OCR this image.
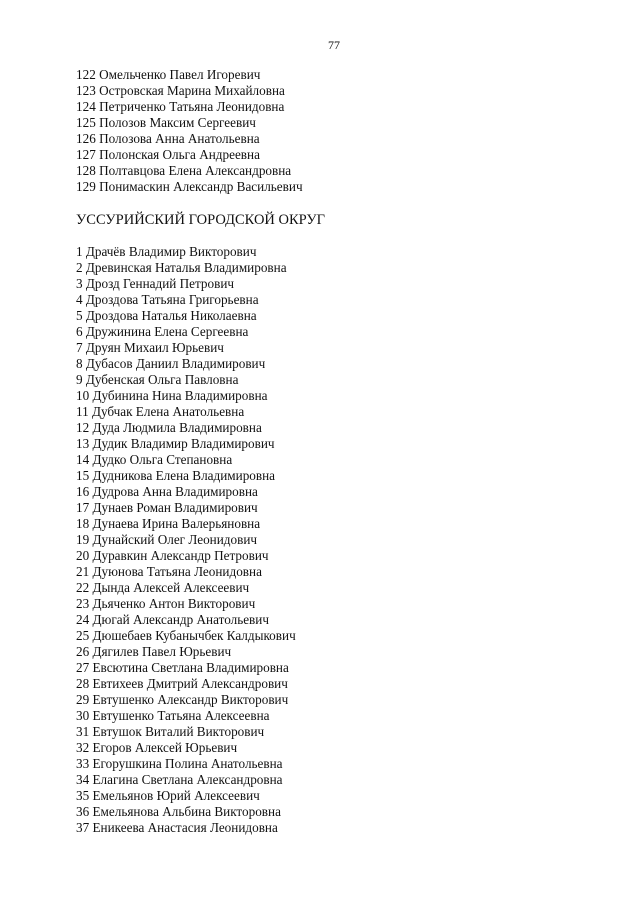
77
122 Омельченко Павел Игоревич
123 Островская Марина Михайловна
124 Петриченко Татьяна Леонидовна
125 Полозов Максим Сергеевич
126 Полозова Анна Анатольевна
127 Полонская Ольга Андреевна
128 Полтавцова Елена Александровна
129 Понимаскин Александр Васильевич
УССУРИЙСКИЙ ГОРОДСКОЙ ОКРУГ
1 Драчёв Владимир Викторович
2 Древинская Наталья Владимировна
3 Дрозд Геннадий Петрович
4 Дроздова Татьяна Григорьевна
5 Дроздова Наталья Николаевна
6 Дружинина Елена Сергеевна
7 Друян Михаил Юрьевич
8 Дубасов Даниил Владимирович
9 Дубенская Ольга Павловна
10 Дубинина Нина Владимировна
11 Дубчак Елена Анатольевна
12 Дуда Людмила Владимировна
13 Дудик Владимир Владимирович
14 Дудко Ольга Степановна
15 Дудникова Елена Владимировна
16 Дудрова Анна Владимировна
17 Дунаев Роман Владимирович
18 Дунаева Ирина Валерьяновна
19 Дунайский Олег Леонидович
20 Дуравкин Александр Петрович
21 Дуюнова Татьяна Леонидовна
22 Дында Алексей Алексеевич
23 Дьяченко Антон Викторович
24 Дюгай Александр Анатольевич
25 Дюшебаев Кубанычбек Калдыкович
26 Дягилев Павел Юрьевич
27 Евсютина Светлана Владимировна
28 Евтихеев Дмитрий Александрович
29 Евтушенко Александр Викторович
30 Евтушенко Татьяна Алексеевна
31 Евтушок Виталий Викторович
32 Егоров Алексей Юрьевич
33 Егорушкина Полина Анатольевна
34 Елагина Светлана Александровна
35 Емельянов Юрий Алексеевич
36 Емельянова Альбина Викторовна
37 Еникеева Анастасия Леонидовна
